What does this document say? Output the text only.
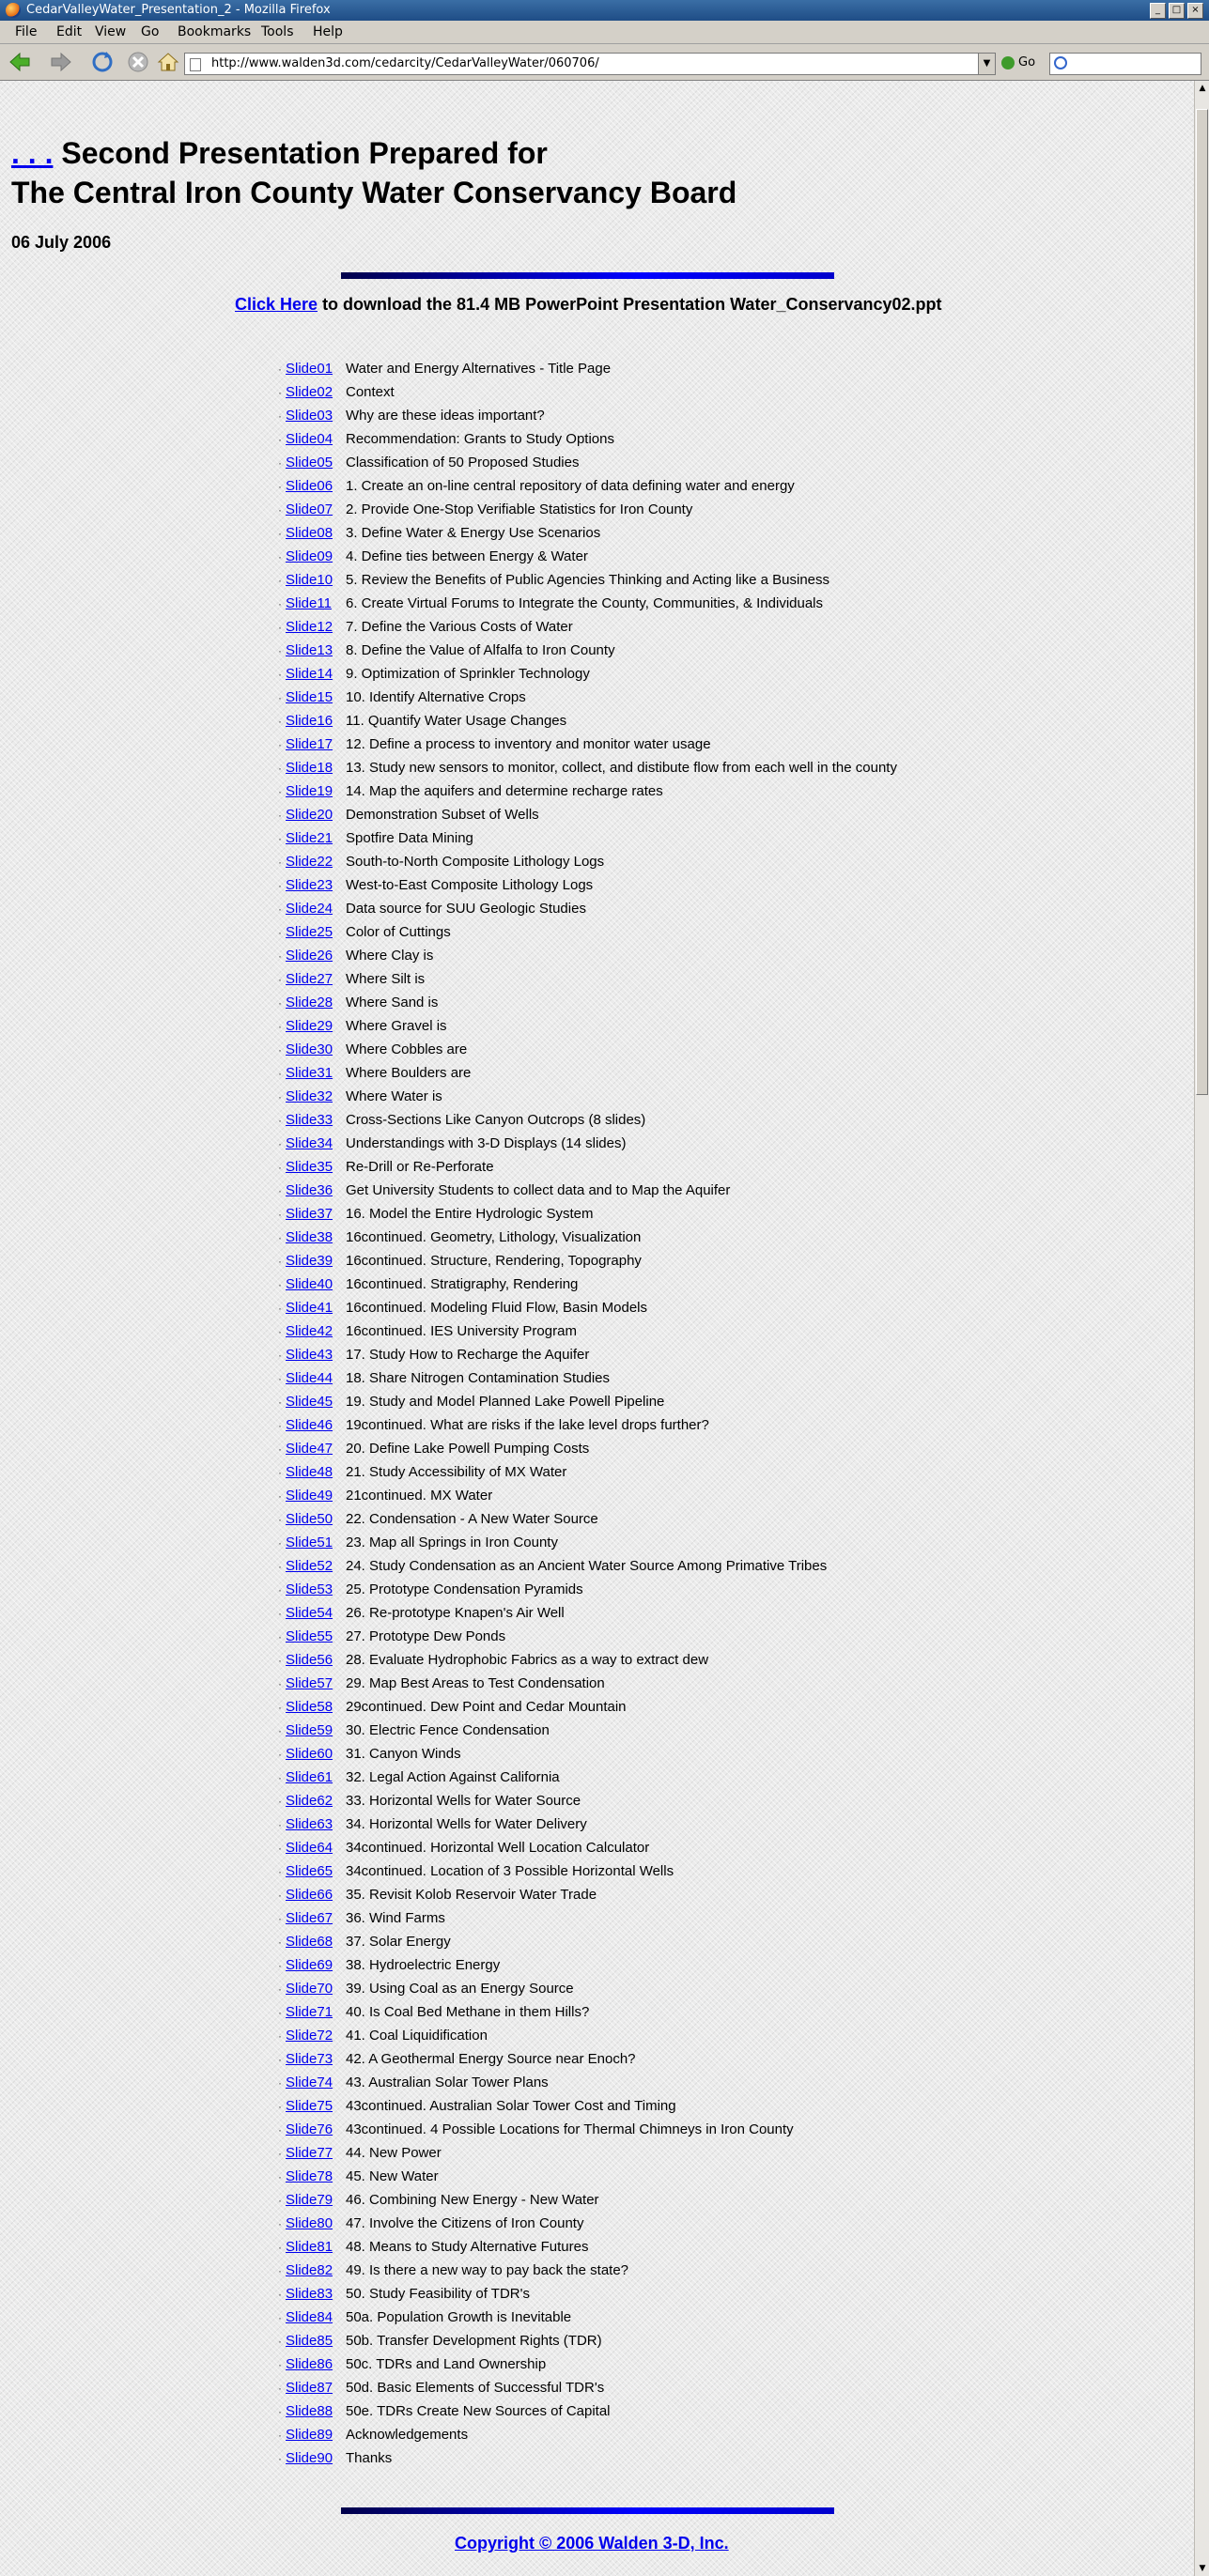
CedarValleyWater_Presentation_2 - Mozilla Firefox	_	□	×
File Edit View Go Bookmarks Tools Help
http://www.walden3d.com/cedarcity/CedarValleyWater/060706/	▼	Go
. . . Second Presentation Prepared for
The Central Iron County Water Conservancy Board
06 July 2006
Click Here to download the 81.4 MB PowerPoint Presentation Water_Conservancy02.ppt
· Slide01 Water and Energy Alternatives - Title Page
· Slide02 Context
· Slide03 Why are these ideas important?
· Slide04 Recommendation: Grants to Study Options
· Slide05 Classification of 50 Proposed Studies
· Slide06 1. Create an on-line central repository of data defining water and energy
· Slide07 2. Provide One-Stop Verifiable Statistics for Iron County
· Slide08 3. Define Water & Energy Use Scenarios
· Slide09 4. Define ties between Energy & Water
· Slide10 5. Review the Benefits of Public Agencies Thinking and Acting like a Business
· Slide11 6. Create Virtual Forums to Integrate the County, Communities, & Individuals
· Slide12 7. Define the Various Costs of Water
· Slide13 8. Define the Value of Alfalfa to Iron County
· Slide14 9. Optimization of Sprinkler Technology
· Slide15 10. Identify Alternative Crops
· Slide16 11. Quantify Water Usage Changes
· Slide17 12. Define a process to inventory and monitor water usage
· Slide18 13. Study new sensors to monitor, collect, and distibute flow from each well in the county
· Slide19 14. Map the aquifers and determine recharge rates
· Slide20 Demonstration Subset of Wells
· Slide21 Spotfire Data Mining
· Slide22 South-to-North Composite Lithology Logs
· Slide23 West-to-East Composite Lithology Logs
· Slide24 Data source for SUU Geologic Studies
· Slide25 Color of Cuttings
· Slide26 Where Clay is
· Slide27 Where Silt is
· Slide28 Where Sand is
· Slide29 Where Gravel is
· Slide30 Where Cobbles are
· Slide31 Where Boulders are
· Slide32 Where Water is
· Slide33 Cross-Sections Like Canyon Outcrops (8 slides)
· Slide34 Understandings with 3-D Displays (14 slides)
· Slide35 Re-Drill or Re-Perforate
· Slide36 Get University Students to collect data and to Map the Aquifer
· Slide37 16. Model the Entire Hydrologic System
· Slide38 16continued. Geometry, Lithology, Visualization
· Slide39 16continued. Structure, Rendering, Topography
· Slide40 16continued. Stratigraphy, Rendering
· Slide41 16continued. Modeling Fluid Flow, Basin Models
· Slide42 16continued. IES University Program
· Slide43 17. Study How to Recharge the Aquifer
· Slide44 18. Share Nitrogen Contamination Studies
· Slide45 19. Study and Model Planned Lake Powell Pipeline
· Slide46 19continued. What are risks if the lake level drops further?
· Slide47 20. Define Lake Powell Pumping Costs
· Slide48 21. Study Accessibility of MX Water
· Slide49 21continued. MX Water
· Slide50 22. Condensation - A New Water Source
· Slide51 23. Map all Springs in Iron County
· Slide52 24. Study Condensation as an Ancient Water Source Among Primative Tribes
· Slide53 25. Prototype Condensation Pyramids
· Slide54 26. Re-prototype Knapen's Air Well
· Slide55 27. Prototype Dew Ponds
· Slide56 28. Evaluate Hydrophobic Fabrics as a way to extract dew
· Slide57 29. Map Best Areas to Test Condensation
· Slide58 29continued. Dew Point and Cedar Mountain
· Slide59 30. Electric Fence Condensation
· Slide60 31. Canyon Winds
· Slide61 32. Legal Action Against California
· Slide62 33. Horizontal Wells for Water Source
· Slide63 34. Horizontal Wells for Water Delivery
· Slide64 34continued. Horizontal Well Location Calculator
· Slide65 34continued. Location of 3 Possible Horizontal Wells
· Slide66 35. Revisit Kolob Reservoir Water Trade
· Slide67 36. Wind Farms
· Slide68 37. Solar Energy
· Slide69 38. Hydroelectric Energy
· Slide70 39. Using Coal as an Energy Source
· Slide71 40. Is Coal Bed Methane in them Hills?
· Slide72 41. Coal Liquidification
· Slide73 42. A Geothermal Energy Source near Enoch?
· Slide74 43. Australian Solar Tower Plans
· Slide75 43continued. Australian Solar Tower Cost and Timing
· Slide76 43continued. 4 Possible Locations for Thermal Chimneys in Iron County
· Slide77 44. New Power
· Slide78 45. New Water
· Slide79 46. Combining New Energy - New Water
· Slide80 47. Involve the Citizens of Iron County
· Slide81 48. Means to Study Alternative Futures
· Slide82 49. Is there a new way to pay back the state?
· Slide83 50. Study Feasibility of TDR's
· Slide84 50a. Population Growth is Inevitable
· Slide85 50b. Transfer Development Rights (TDR)
· Slide86 50c. TDRs and Land Ownership
· Slide87 50d. Basic Elements of Successful TDR's
· Slide88 50e. TDRs Create New Sources of Capital
· Slide89 Acknowledgements
· Slide90 Thanks
Copyright © 2006 Walden 3-D, Inc.
▲
▼
